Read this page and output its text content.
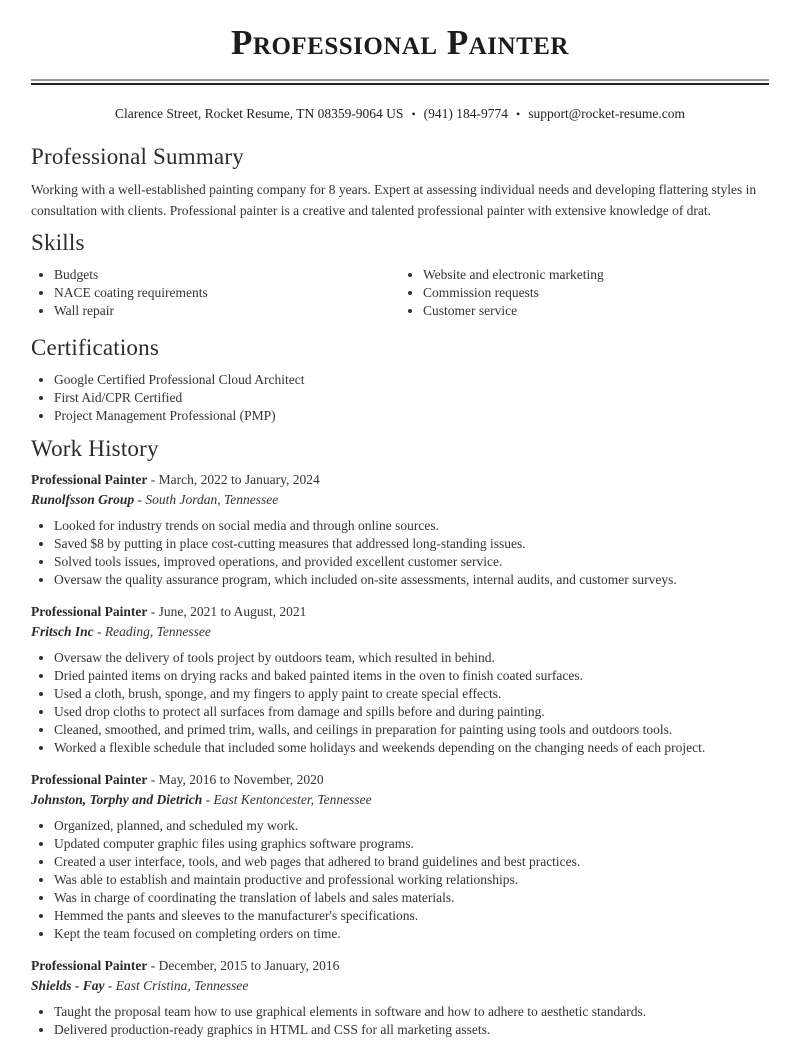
Professional Painter
Clarence Street, Rocket Resume, TN 08359-9064 US • (941) 184-9774 • support@rocket-resume.com
Professional Summary

Working with a well-established painting company for 8 years. Expert at assessing individual needs and developing flattering styles in consultation with clients. Professional painter is a creative and talented professional painter with extensive knowledge of drat.

Skills
• Budgets
• NACE coating requirements
• Wall repair
• Website and electronic marketing
• Commission requests
• Customer service
Certifications
• Google Certified Professional Cloud Architect
• First Aid/CPR Certified
• Project Management Professional (PMP)
Work History

Professional Painter - March, 2022 to January, 2024

Runolfsson Group - South Jordan, Tennessee

• Looked for industry trends on social media and through online sources.
• Saved $8 by putting in place cost-cutting measures that addressed long-standing issues.
• Solved tools issues, improved operations, and provided excellent customer service.
• Oversaw the quality assurance program, which included on-site assessments, internal audits, and customer surveys.

Professional Painter - June, 2021 to August, 2021

Fritsch Inc - Reading, Tennessee

• Oversaw the delivery of tools project by outdoors team, which resulted in behind.
• Dried painted items on drying racks and baked painted items in the oven to finish coated surfaces.
• Used a cloth, brush, sponge, and my fingers to apply paint to create special effects.
• Used drop cloths to protect all surfaces from damage and spills before and during painting.
• Cleaned, smoothed, and primed trim, walls, and ceilings in preparation for painting using tools and outdoors tools.
• Worked a flexible schedule that included some holidays and weekends depending on the changing needs of each project.

Professional Painter - May, 2016 to November, 2020

Johnston, Torphy and Dietrich - East Kentoncester, Tennessee

• Organized, planned, and scheduled my work.
• Updated computer graphic files using graphics software programs.
• Created a user interface, tools, and web pages that adhered to brand guidelines and best practices.
• Was able to establish and maintain productive and professional working relationships.
• Was in charge of coordinating the translation of labels and sales materials.
• Hemmed the pants and sleeves to the manufacturer's specifications.
• Kept the team focused on completing orders on time.

Professional Painter - December, 2015 to January, 2016

Shields - Fay - East Cristina, Tennessee

• Taught the proposal team how to use graphical elements in software and how to adhere to aesthetic standards.
• Delivered production-ready graphics in HTML and CSS for all marketing assets.
